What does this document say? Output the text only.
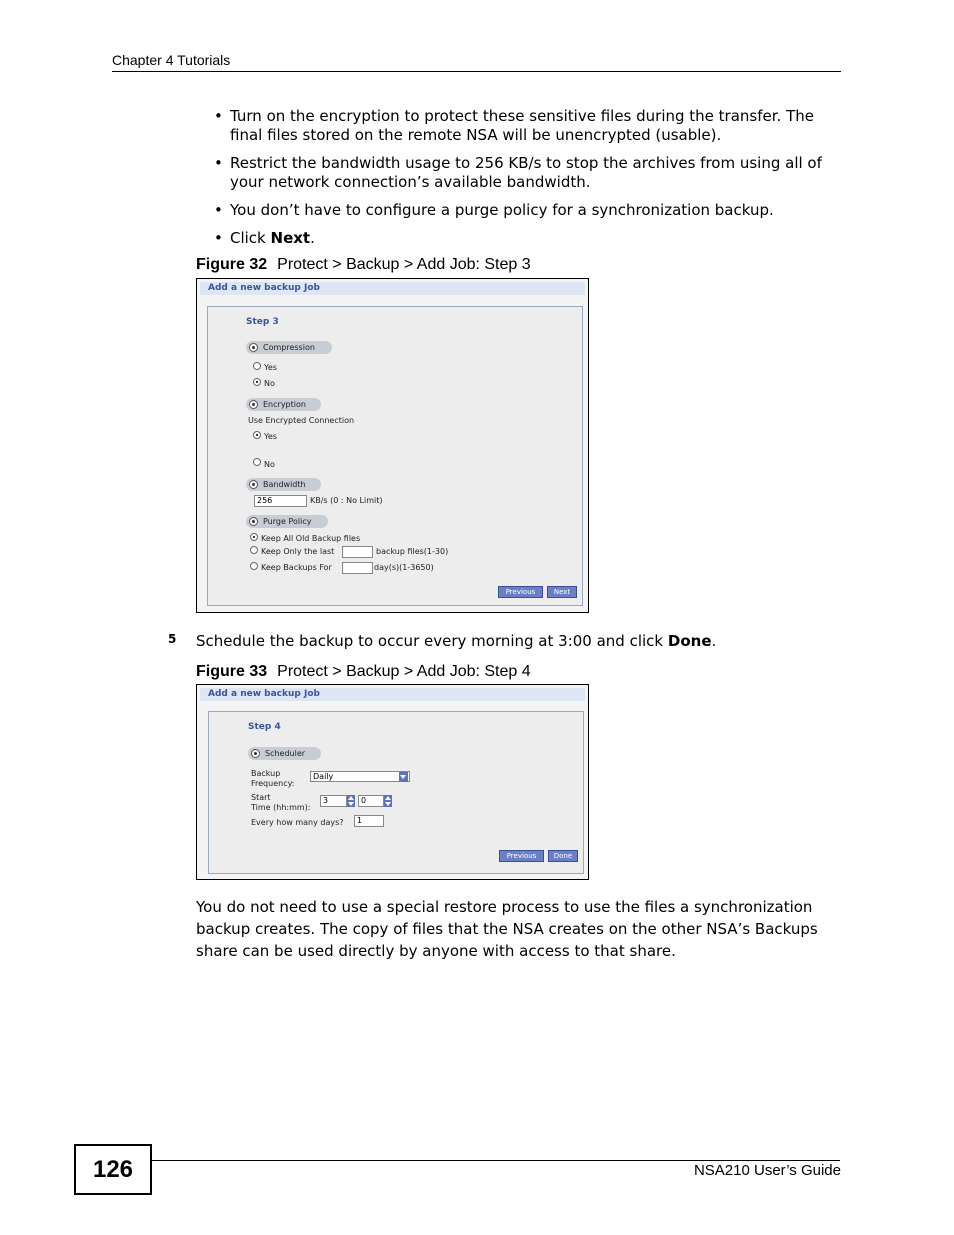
Chapter 4 Tutorials
• Turn on the encryption to protect these sensitive files during the transfer. The final files stored on the remote NSA will be unencrypted (usable).
• Restrict the bandwidth usage to 256 KB/s to stop the archives from using all of your network connection’s available bandwidth.
• You don’t have to configure a purge policy for a synchronization backup.
• Click Next.
Figure 32 Protect > Backup > Add Job: Step 3
Add a new backup Job
Step 3
Compression
Yes
No
Encryption
Use Encrypted Connection
Yes
No
Bandwidth
256	KB/s (0 : No Limit)
Purge Policy
Keep All Old Backup files
Keep Only the last	backup files(1-30)
Keep Backups For	day(s)(1-3650)
Previous	Next
5 Schedule the backup to occur every morning at 3:00 and click Done.
Figure 33 Protect > Backup > Add Job: Step 4
Add a new backup Job
Step 4
Scheduler
Backup
Frequency:
Daily
Start
Time (hh:mm):
3	0
Every how many days?	1
Previous	Done
You do not need to use a special restore process to use the files a synchronization backup creates. The copy of files that the NSA creates on the other NSA’s Backups share can be used directly by anyone with access to that share.
126	NSA210 User’s Guide
